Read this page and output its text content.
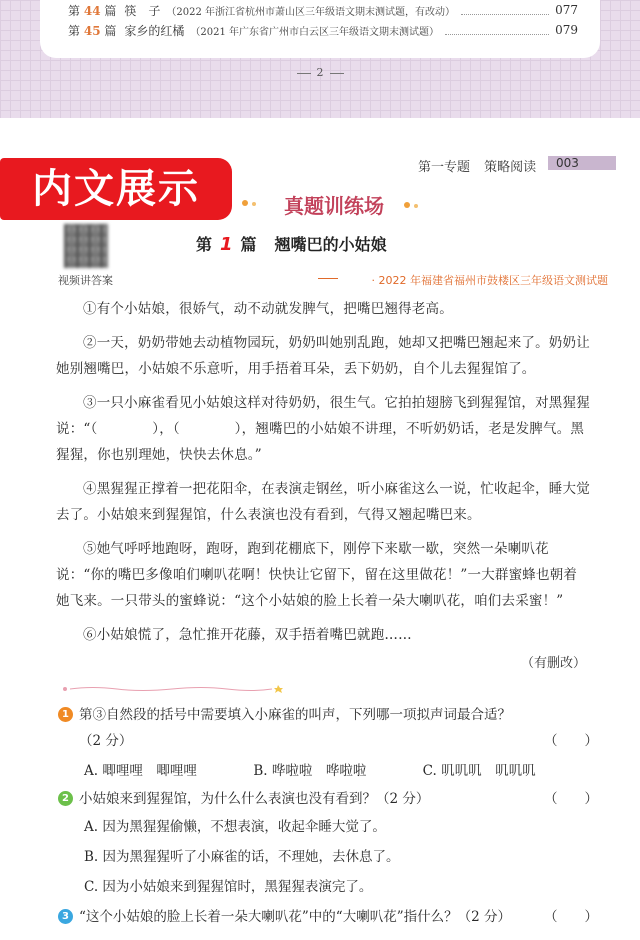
第 44 篇 筷　子 （2022 年浙江省杭州市萧山区三年级语文期末测试题，有改动）	077
第 45 篇 家乡的红橘 （2021 年广东省广州市白云区三年级语文期末测试题）	079
2
第一专题 策略阅读 003
内文展示	真题训练场
视频讲答案
第 1 篇 翘嘴巴的小姑娘
· 2022 年福建省福州市鼓楼区三年级语文测试题

①有个小姑娘，很娇气，动不动就发脾气，把嘴巴翘得老高。

②一天，奶奶带她去动植物园玩，奶奶叫她别乱跑，她却又把嘴巴翘起来了。奶奶让她别翘嘴巴，小姑娘不乐意听，用手捂着耳朵，丢下奶奶，自个儿去猩猩馆了。

③一只小麻雀看见小姑娘这样对待奶奶，很生气。它拍拍翅膀飞到猩猩馆，对黑猩猩说：“（　　　　），（　　　　），翘嘴巴的小姑娘不讲理，不听奶奶话，老是发脾气。黑猩猩，你也别理她，快快去休息。”

④黑猩猩正撑着一把花阳伞，在表演走钢丝，听小麻雀这么一说，忙收起伞，睡大觉去了。小姑娘来到猩猩馆，什么表演也没有看到，气得又翘起嘴巴来。

⑤她气呼呼地跑呀，跑呀，跑到花棚底下，刚停下来歇一歇，突然一朵喇叭花说：“你的嘴巴多像咱们喇叭花啊！快快让它留下，留在这里做花！”一大群蜜蜂也朝着她飞来。一只带头的蜜蜂说：“这个小姑娘的脸上长着一朵大喇叭花，咱们去采蜜！”

⑥小姑娘慌了，急忙推开花藤，双手捂着嘴巴就跑……

（有删改）
1 第③自然段的括号中需要填入小麻雀的叫声，下列哪一项拟声词最合适？
（2 分）	（　　）
A. 唧哩哩　唧哩哩	B. 哗啦啦　哗啦啦	C. 叽叽叽　叽叽叽
2 小姑娘来到猩猩馆，为什么什么表演也没有看到？（2 分）	（　　）
A. 因为黑猩猩偷懒，不想表演，收起伞睡大觉了。
B. 因为黑猩猩听了小麻雀的话，不理她，去休息了。
C. 因为小姑娘来到猩猩馆时，黑猩猩表演完了。
3 “这个小姑娘的脸上长着一朵大喇叭花”中的“大喇叭花”指什么？（2 分）	（　　）
